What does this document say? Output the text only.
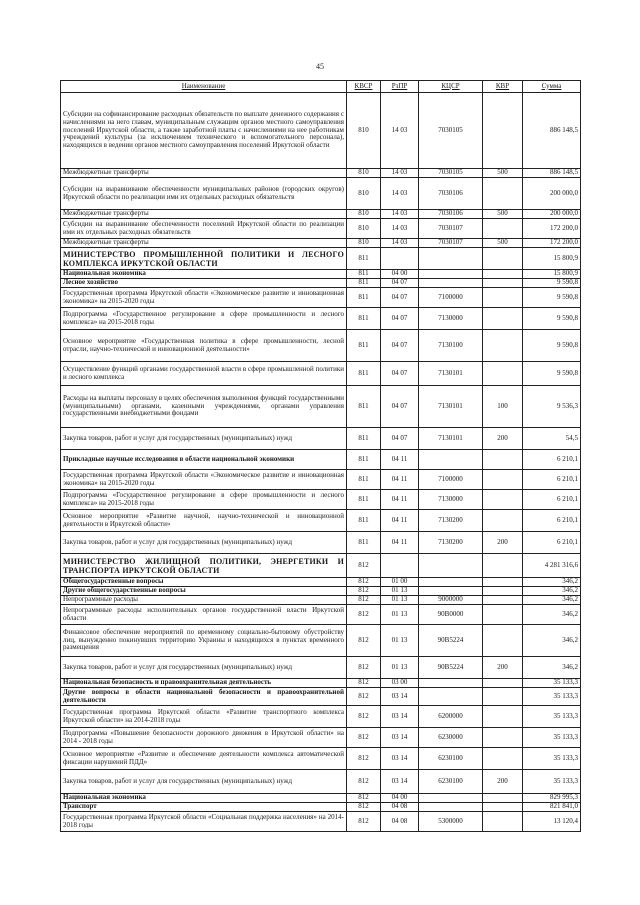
45
Наименование	КВСР	РзПР	КЦСР	КВР	Сумма
Субсидии на софинансирование расходных обязательств по выплате денежного содержания с начислениями на него главам, муниципальным служащим органов местного самоуправления поселений Иркутской области, а также заработной платы с начислениями на нее работникам учреждений культуры (за исключением технического и вспомогательного персонала), находящихся в ведении органов местного самоуправления поселений Иркутской области	810	14 03	7030105		886 148,5
Межбюджетные трансферты	810	14 03	7030105	500	886 148,5
Субсидии на выравнивание обеспеченности муниципальных районов (городских округов) Иркутской области по реализации ими их отдельных расходных обязательств	810	14 03	7030106		200 000,0
Межбюджетные трансферты	810	14 03	7030106	500	200 000,0
Субсидии на выравнивание обеспеченности поселений Иркутской области по реализации ими их отдельных расходных обязательств	810	14 03	7030107		172 200,0
Межбюджетные трансферты	810	14 03	7030107	500	172 200,0
МИНИСТЕРСТВО ПРОМЫШЛЕННОЙ ПОЛИТИКИ И ЛЕСНОГО КОМПЛЕКСА ИРКУТСКОЙ ОБЛАСТИ	811				15 800,9
Национальная экономика	811	04 00			15 800,9
Лесное хозяйство	811	04 07			9 590,8
Государственная программа Иркутской области «Экономическое развитие и инновационная экономика» на 2015-2020 годы	811	04 07	7100000		9 590,8
Подпрограмма «Государственное регулирование в сфере промышленности и лесного комплекса» на 2015-2018 годы	811	04 07	7130000		9 590,8
Основное мероприятие «Государственная политика в сфере промышленности, лесной отрасли, научно-технической и инновационной деятельности»	811	04 07	7130100		9 590,8
Осуществление функций органами государственной власти в сфере промышленной политики и лесного комплекса	811	04 07	7130101		9 590,8
Расходы на выплаты персоналу в целях обеспечения выполнения функций государственными (муниципальными) органами, казенными учреждениями, органами управления государственными внебюджетными фондами	811	04 07	7130101	100	9 536,3
Закупка товаров, работ и услуг для государственных (муниципальных) нужд	811	04 07	7130101	200	54,5
Прикладные научные исследования в области национальной экономики	811	04 11			6 210,1
Государственная программа Иркутской области «Экономическое развитие и инновационная экономика» на 2015-2020 годы	811	04 11	7100000		6 210,1
Подпрограмма «Государственное регулирование в сфере промышленности и лесного комплекса» на 2015-2018 годы	811	04 11	7130000		6 210,1
Основное мероприятие «Развитие научной, научно-технической и инновационной деятельности в Иркутской области»	811	04 11	7130200		6 210,1
Закупка товаров, работ и услуг для государственных (муниципальных) нужд	811	04 11	7130200	200	6 210,1
МИНИСТЕРСТВО ЖИЛИЩНОЙ ПОЛИТИКИ, ЭНЕРГЕТИКИ И ТРАНСПОРТА ИРКУТСКОЙ ОБЛАСТИ	812				4 281 316,6
Общегосударственные вопросы	812	01 00			346,2
Другие общегосударственные вопросы	812	01 13			346,2
Непрограммные расходы	812	01 13	9000000		346,2
Непрограммные расходы исполнительных органов государственной власти Иркутской области	812	01 13	90В0000		346,2
Финансовое обеспечение мероприятий по временному социально-бытовому обустройству лиц, вынужденно покинувших территорию Украины и находящихся в пунктах временного размещения	812	01 13	90В5224		346,2
Закупка товаров, работ и услуг для государственных (муниципальных) нужд	812	01 13	90В5224	200	346,2
Национальная безопасность и правоохранительная деятельность	812	03 00			35 133,3
Другие вопросы в области национальной безопасности и правоохранительной деятельности	812	03 14			35 133,3
Государственная программа Иркутской области «Развитие транспортного комплекса Иркутской области» на 2014-2018 годы	812	03 14	6200000		35 133,3
Подпрограмма «Повышение безопасности дорожного движения в Иркутской области» на 2014 - 2018 годы	812	03 14	6230000		35 133,3
Основное мероприятие «Развитие и обеспечение деятельности комплекса автоматической фиксации нарушений ПДД»	812	03 14	6230100		35 133,3
Закупка товаров, работ и услуг для государственных (муниципальных) нужд	812	03 14	6230100	200	35 133,3
Национальная экономика	812	04 00			829 995,3
Транспорт	812	04 08			821 841,0
Государственная программа Иркутской области «Социальная поддержка населения» на 2014-2018 годы	812	04 08	5300000		13 120,4
